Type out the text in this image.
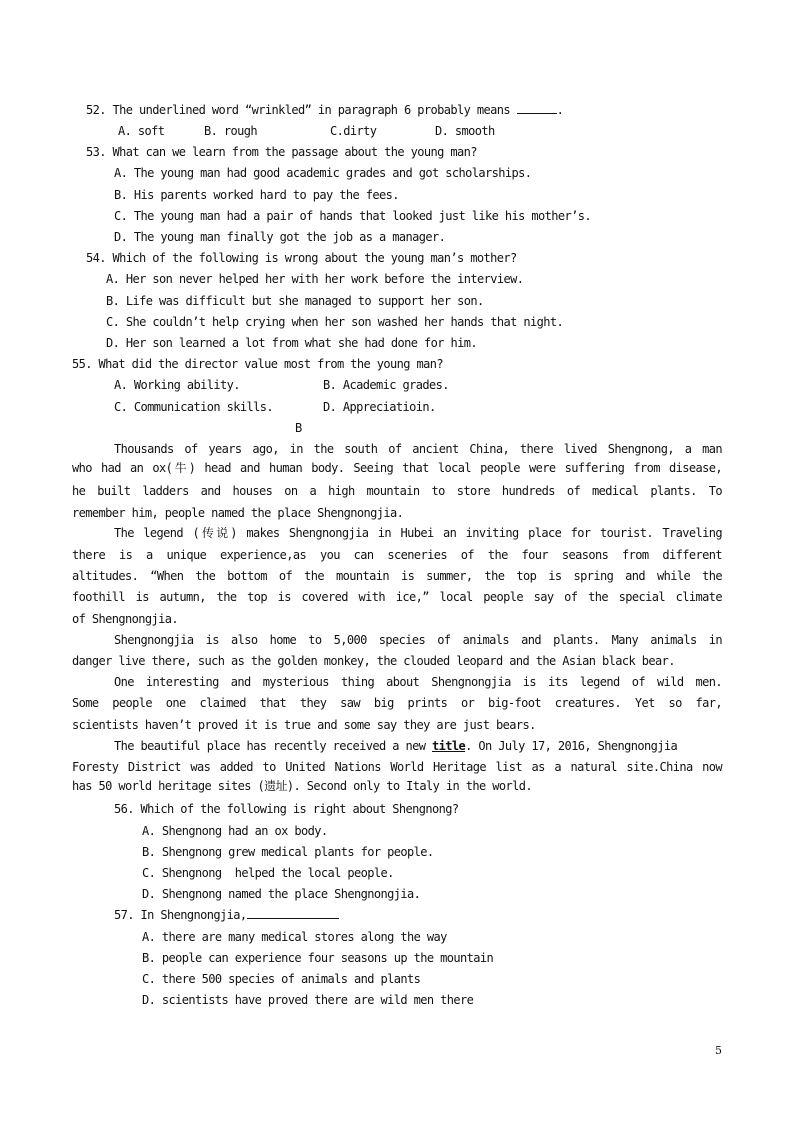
52. The underlined word “wrinkled” in paragraph 6 probably means	.
A. soft	B. rough	C.dirty	D. smooth
53. What can we learn from the passage about the young man?
A. The young man had good academic grades and got scholarships.
B. His parents worked hard to pay the fees.
C. The young man had a pair of hands that looked just like his mother’s.
D. The young man finally got the job as a manager.
54. Which of the following is wrong about the young man’s mother?
A. Her son never helped her with her work before the interview.
B. Life was difficult but she managed to support her son.
C. She couldn’t help crying when her son washed her hands that night.
D. Her son learned a lot from what she had done for him.
55. What did the director value most from the young man?
A. Working ability.	B. Academic grades.
C. Communication skills.	D. Appreciatioin.
B
Thousands of years ago, in the south of ancient China, there lived Shengnong, a man
who had an ox(牛) head and human body. Seeing that local people were suffering from disease,
he built ladders and houses on a high mountain to store hundreds of medical plants. To
remember him, people named the place Shengnongjia.
The legend (传说) makes Shengnongjia in Hubei an inviting place for tourist. Traveling
there is a unique experience,as you can sceneries of the four seasons from different
altitudes. “When the bottom of the mountain is summer, the top is spring and while the
foothill is autumn, the top is covered with ice,” local people say of the special climate
of Shengnongjia.
Shengnongjia is also home to 5,000 species of animals and plants. Many animals in
danger live there, such as the golden monkey, the clouded leopard and the Asian black bear.
One interesting and mysterious thing about Shengnongjia is its legend of wild men.
Some people one claimed that they saw big prints or big-foot creatures. Yet so far,
scientists haven’t proved it is true and some say they are just bears.
The beautiful place has recently received a new title. On July 17, 2016, Shengnongjia
Foresty District was added to United Nations World Heritage list as a natural site.China now
has 50 world heritage sites (遗址). Second only to Italy in the world.
56. Which of the following is right about Shengnong?
A. Shengnong had an ox body.
B. Shengnong grew medical plants for people.
C. Shengnong  helped the local people.
D. Shengnong named the place Shengnongjia.
57. In Shengnongjia,
A. there are many medical stores along the way
B. people can experience four seasons up the mountain
C. there 500 species of animals and plants
D. scientists have proved there are wild men there
5
